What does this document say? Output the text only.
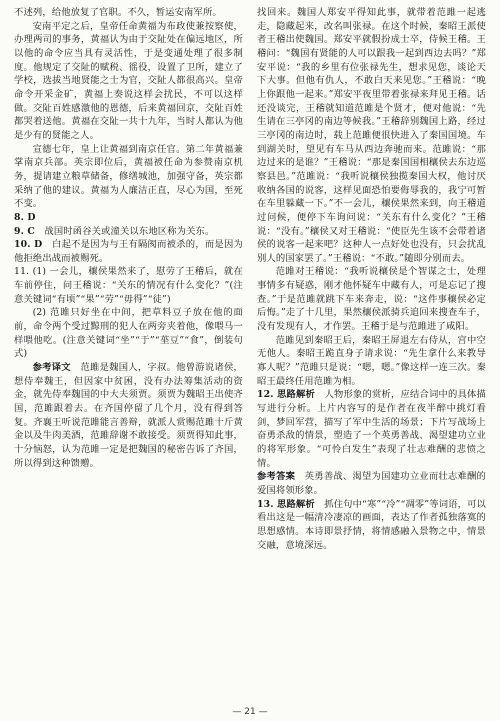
不述列，给他放复了官职。不久，暂运安南军所。

安南平定之后，皇帝任命黄福为布政使兼按察使，办理两司的事务，黄福认为由于交阯处在偏远地区，所以他的命令应当具有灵活性，于是变通处理了很多制度。他规定了交阯的赋税、徭役，设置了卫所，建立了学校，选拔当地贤能之士为官，交阯人都很高兴。皇帝命令开采金矿，黄福上奏说这样会扰民，不可以这样做。交阯百姓感激他的恩德，后来黄福回京，交阯百姓都哭着送他。黄福在交阯一共十九年，当时人都认为他是少有的贤能之人。

宣德七年，皇上让黄福到南京任官。第二年黄福兼掌南京兵部。英宗即位后，黄福被任命为参赞南京机务，提请建立粮草储备，修缮城池，加强守备，英宗都采纳了他的建议。黄福为人廉洁正直，尽心为国，至死不变。

8. D

9. C　 战国时函谷关或潼关以东地区称为关东。

10. D　 白起不是因为与王有隔阂而被杀的，而是因为他拒绝出战而被赐死。

11. (1) 一会儿，穰侯果然来了，慰劳了王稽后，就在车前停住，问王稽说：“关东的情况有什么变化？”(注意关键词“有顷”“果”“劳”“毋得”“徒”)

(2) 范雎只好坐在中间，把草料豆子放在他的面前，命令两个受过黥刑的犯人在两旁夹着他，像喂马一样喂他吃。(注意关键词“坐”“于”“莝豆”“食”，倒装句式)

参考译文　 范雎是魏国人，字叔。他曾游说诸侯，想侍奉魏王，但因家中贫困，没有办法筹集活动的资金，就先侍奉魏国的中大夫须贾。须贾为魏昭王出使齐国，范雎跟着去。在齐国停留了几个月，没有得到答复。齐襄王听说范雎能言善辩，就派人赏赐范雎十斤黄金以及牛肉美酒，范雎辞谢不敢接受。须贾得知此事，十分恼怒，认为范雎一定是把魏国的秘密告诉了齐国，所以得到这种馈赠。

找回来。魏国人郑安平得知此事，就带着范雎一起逃走，隐藏起来，改名叫张禄。在这个时候，秦昭王派使者王稽出使魏国。郑安平就假扮成士卒，侍候王稽。王稽问：“魏国有贤能的人可以跟我一起到西边去吗？”郑安平说：“我的乡里有位张禄先生，想求见您，谈论天下大事。但他有仇人，不敢白天来见您。”王稽说：“晚上你跟他一起来。”郑安平夜里带着张禄来拜见王稽。话还没谈完，王稽就知道范雎是个贤才，便对他说：“先生请在三亭冈的南边等候我。”王稽辞别魏国上路，经过三亭冈的南边时，载上范雎便很快进入了秦国国境。车到湖关时，望见有车马从西边奔驰而来。范雎说：“那边过来的是谁？”王稽说：“那是秦国国相穰侯去东边巡察县邑。”范雎说：“我听说穰侯独揽秦国大权，他讨厌收纳各国的说客，这样见面恐怕要侮辱我的，我宁可暂在车里躲藏一下。”不一会儿，穰侯果然来到，向王稽道过问候，便停下车询问说：“关东有什么变化？”王稽说：“没有。”穰侯又对王稽说：“使臣先生该不会带着诸侯的说客一起来吧？这种人一点好处也没有，只会扰乱别人的国家罢了。”王稽说：“不敢。”随即分别而去。

范雎对王稽说：“我听说穰侯是个智谋之士，处理事情多有疑惑，刚才他怀疑车中藏有人，可是忘记了搜查。”于是范雎就跳下车来奔走，说：“这件事穰侯必定后悔。”走了十几里，果然穰侯派骑兵追回来搜查车子，没有发现有人，才作罢。王稽于是与范雎进了咸阳。

范雎见到秦昭王后，秦昭王屏退左右侍从，宫中空无他人。秦昭王跪直身子请求说：“先生拿什么来教导寡人呢？”范雎只是说：“嗯，嗯。”像这样一连三次。秦昭王最终任用范雎为相。

12. 思路解析　 人物形象的赏析，应结合词中的具体描写进行分析。上片内容写的是作者在夜半醉中挑灯看剑，梦回军营，描写了军中生活的场景；下片写战场上奋勇杀敌的情景，塑造了一个英勇善战、渴望建功立业的将军形象。“可怜白发生”表现了壮志难酬的悲愤之情。

参考答案　 英勇善战、渴望为国建功立业而壮志难酬的爱国将领形象。

13. 思路解析　 抓住句中“寒”“冷”“凋零”等词语，可以看出这是一幅清冷凄凉的画面，表达了作者孤独落寞的思想感情。本诗即景抒情，将情感融入景物之中，情景交融，意境深远。

— 21 —
